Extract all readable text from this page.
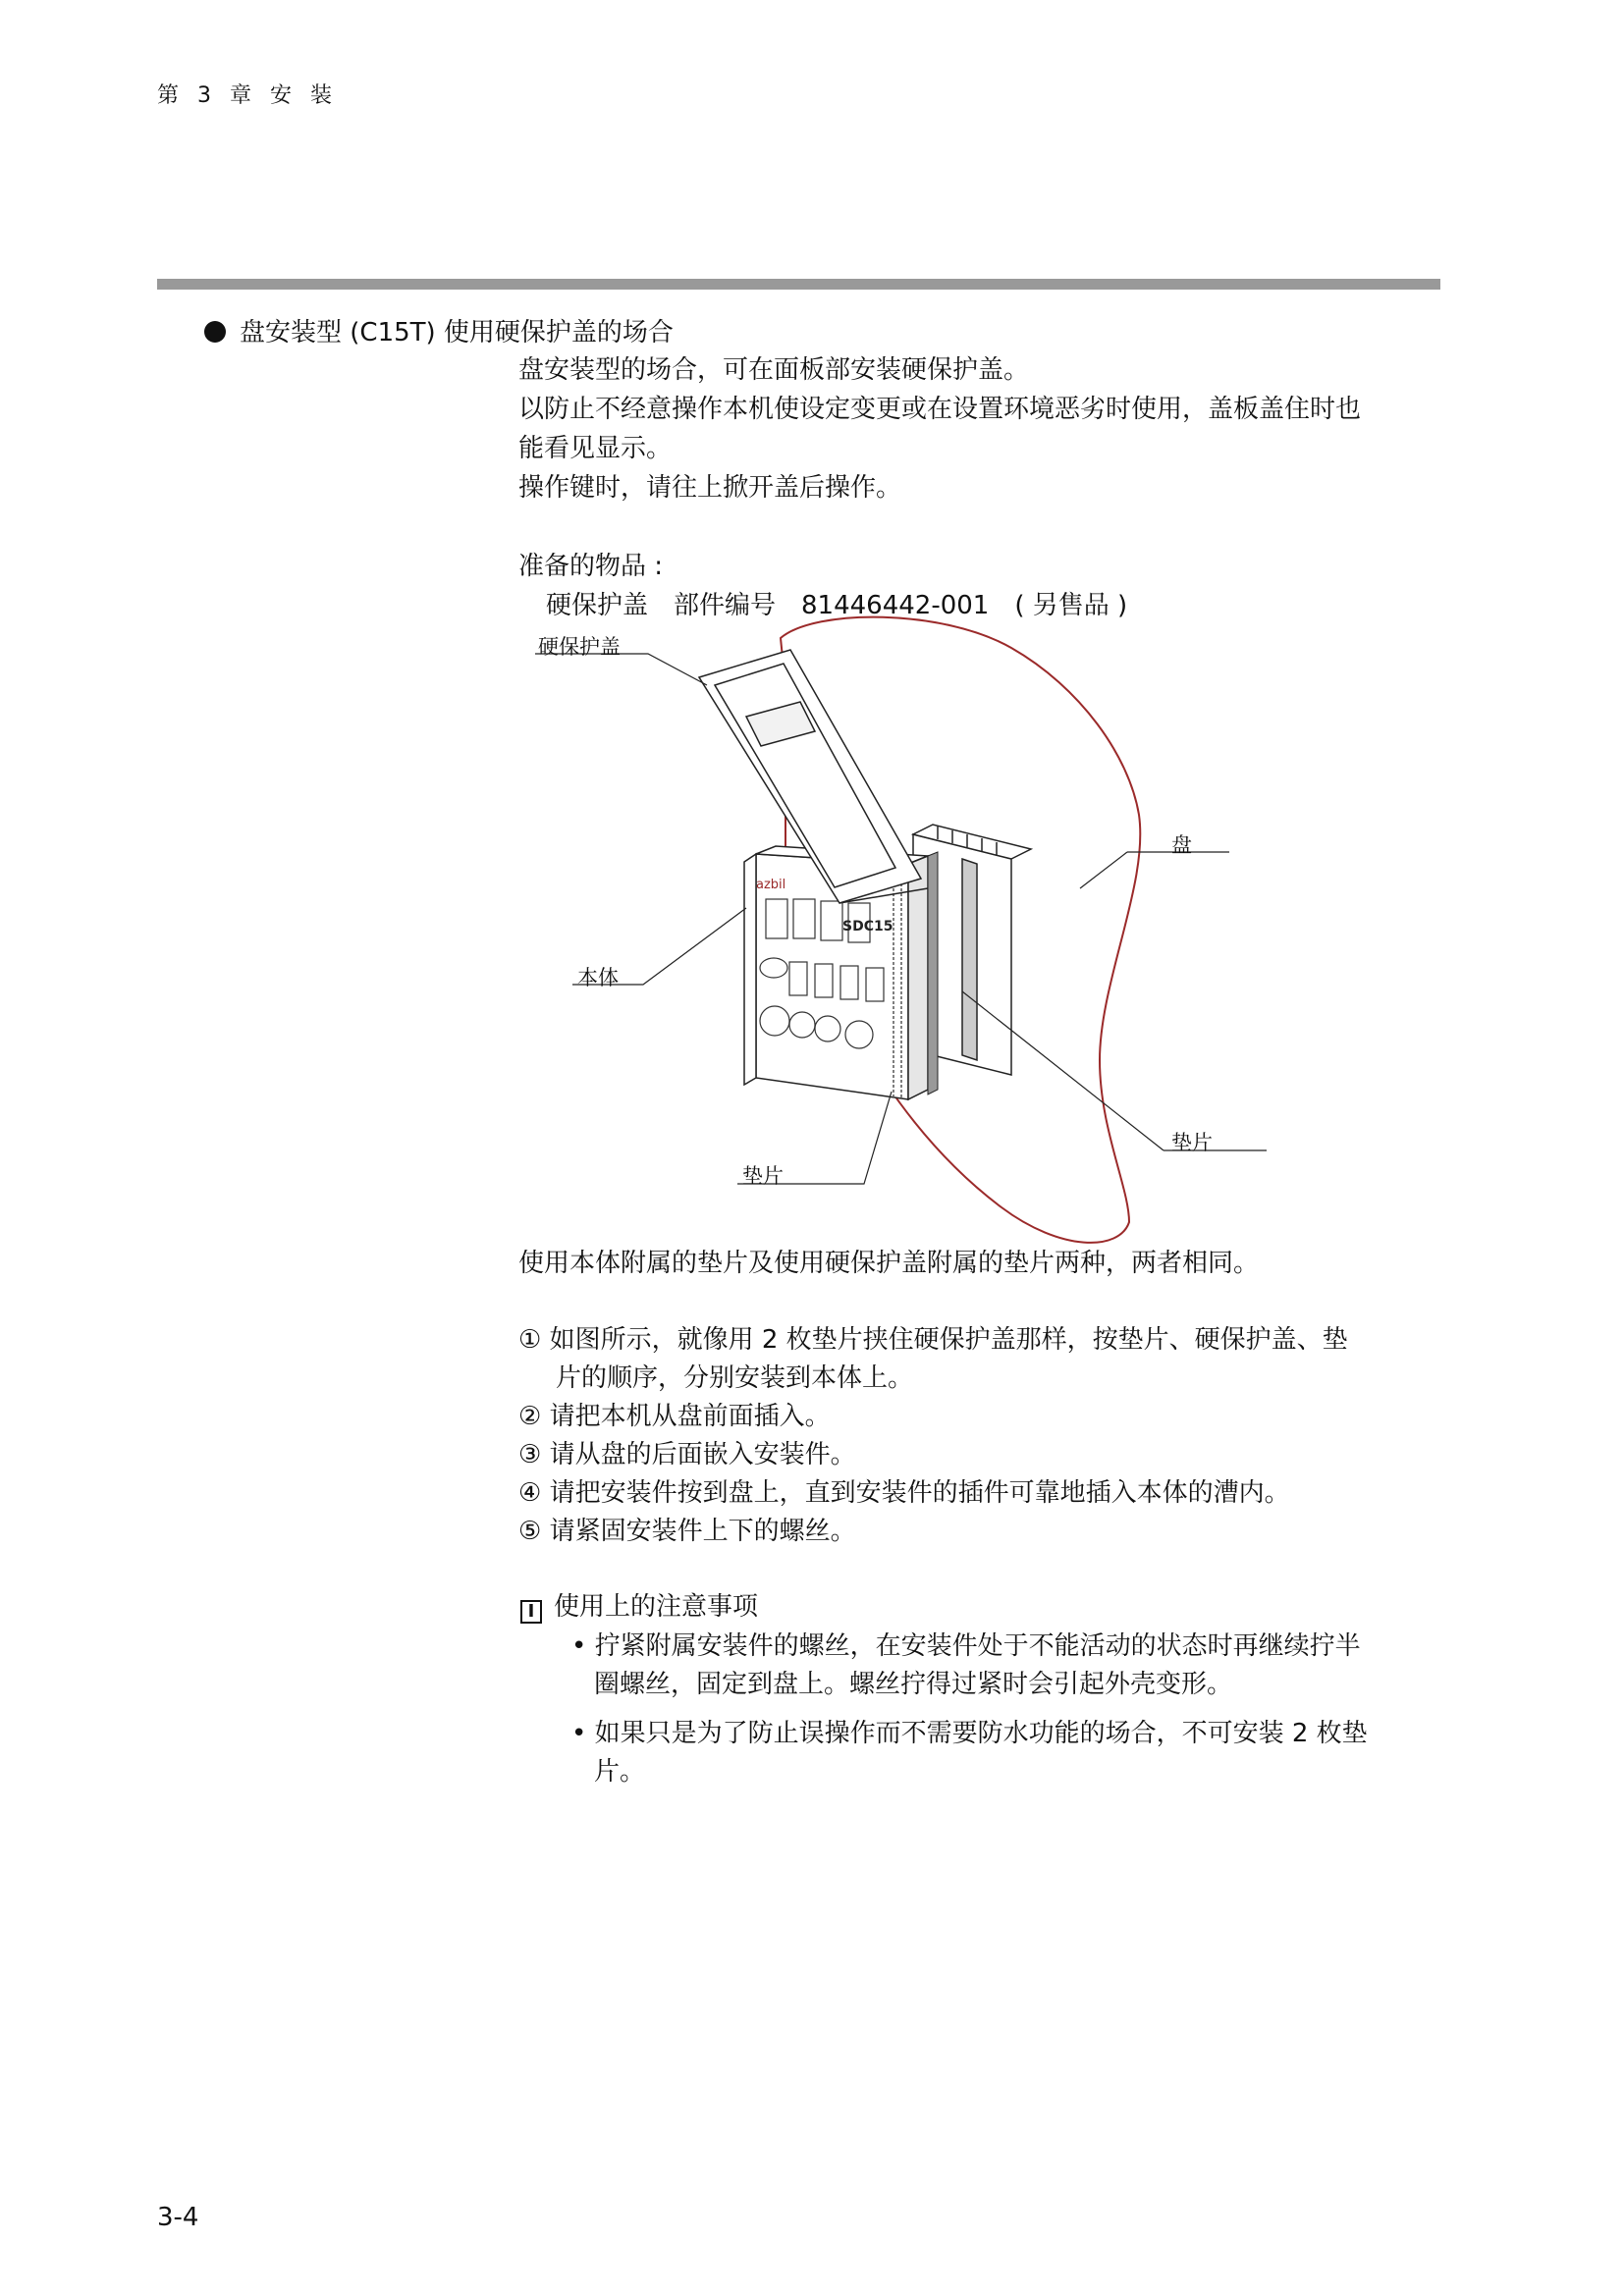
第 3 章 安 装
盘安装型 (C15T) 使用硬保护盖的场合
盘安装型的场合，可在面板部安装硬保护盖。
以防止不经意操作本机使设定变更或在设置环境恶劣时使用，盖板盖住时也
能看见显示。
操作键时，请往上掀开盖后操作。
准备的物品 :
硬保护盖　部件编号　81446442-001　( 另售品 )
azbil
SDC15
硬保护盖
盘
本体
垫片
垫片
使用本体附属的垫片及使用硬保护盖附属的垫片两种，两者相同。
① 如图所示，就像用 2 枚垫片挟住硬保护盖那样，按垫片、硬保护盖、垫
片的顺序，分别安装到本体上。
② 请把本机从盘前面插入。
③ 请从盘的后面嵌入安装件。
④ 请把安装件按到盘上，直到安装件的插件可靠地插入本体的漕内。
⑤ 请紧固安装件上下的螺丝。
I 使用上的注意事项
• 拧紧附属安装件的螺丝，在安装件处于不能活动的状态时再继续拧半
圈螺丝，固定到盘上。螺丝拧得过紧时会引起外壳变形。
• 如果只是为了防止误操作而不需要防水功能的场合，不可安装 2 枚垫
片。
3-4
